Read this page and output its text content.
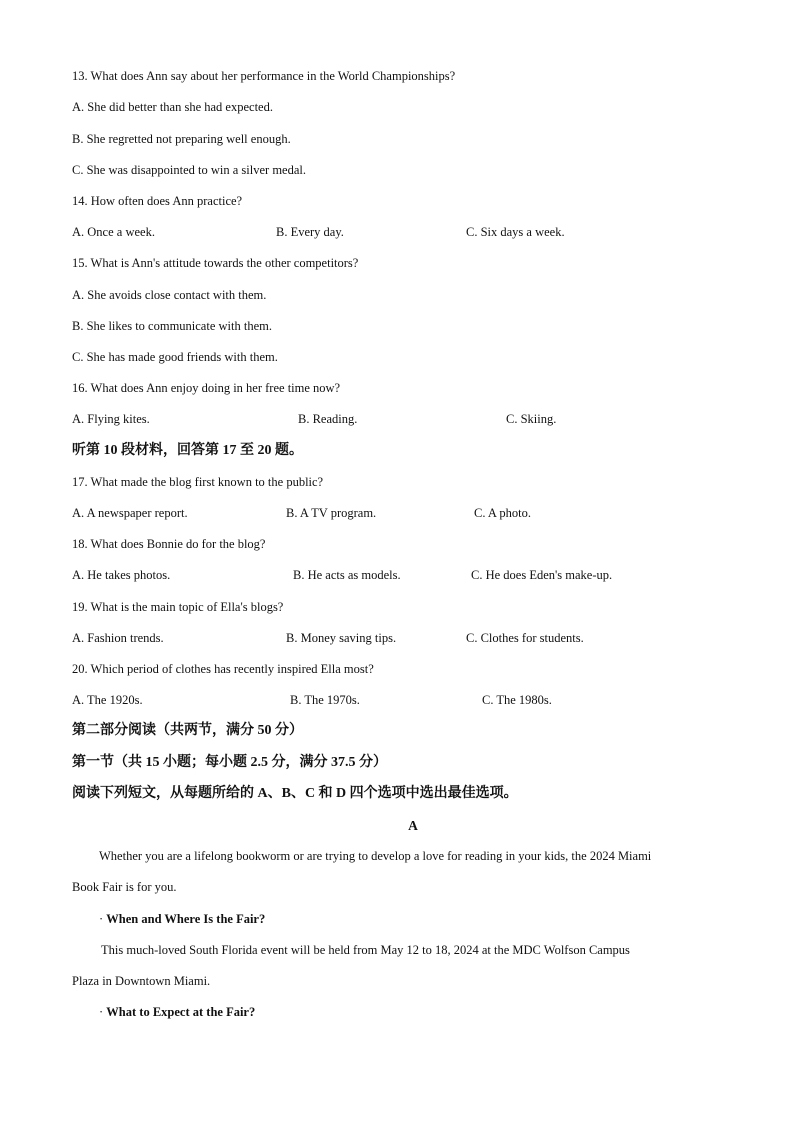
13. What does Ann say about her performance in the World Championships?
A. She did better than she had expected.
B. She regretted not preparing well enough.
C. She was disappointed to win a silver medal.
14. How often does Ann practice?
A. Once a week.	B. Every day.	C. Six days a week.
15. What is Ann's attitude towards the other competitors?
A. She avoids close contact with them.
B. She likes to communicate with them.
C. She has made good friends with them.
16. What does Ann enjoy doing in her free time now?
A. Flying kites.	B. Reading.	C. Skiing.
听第 10 段材料，回答第 17 至 20 题。
17. What made the blog first known to the public?
A. A newspaper report.	B. A TV program.	C. A photo.
18. What does Bonnie do for the blog?
A. He takes photos.	B. He acts as models.	C. He does Eden's make-up.
19. What is the main topic of Ella's blogs?
A. Fashion trends.	B. Money saving tips.	C. Clothes for students.
20. Which period of clothes has recently inspired Ella most?
A. The 1920s.	B. The 1970s.	C. The 1980s.
第二部分阅读（共两节，满分 50 分）
第一节（共 15 小题；每小题 2.5 分，满分 37.5 分）
阅读下列短文，从每题所给的 A、B、C 和 D 四个选项中选出最佳选项。
A
Whether you are a lifelong bookworm or are trying to develop a love for reading in your kids, the 2024 Miami
Book Fair is for you.
· When and Where Is the Fair?
This much-loved South Florida event will be held from May 12 to 18, 2024 at the MDC Wolfson Campus
Plaza in Downtown Miami.
· What to Expect at the Fair?
